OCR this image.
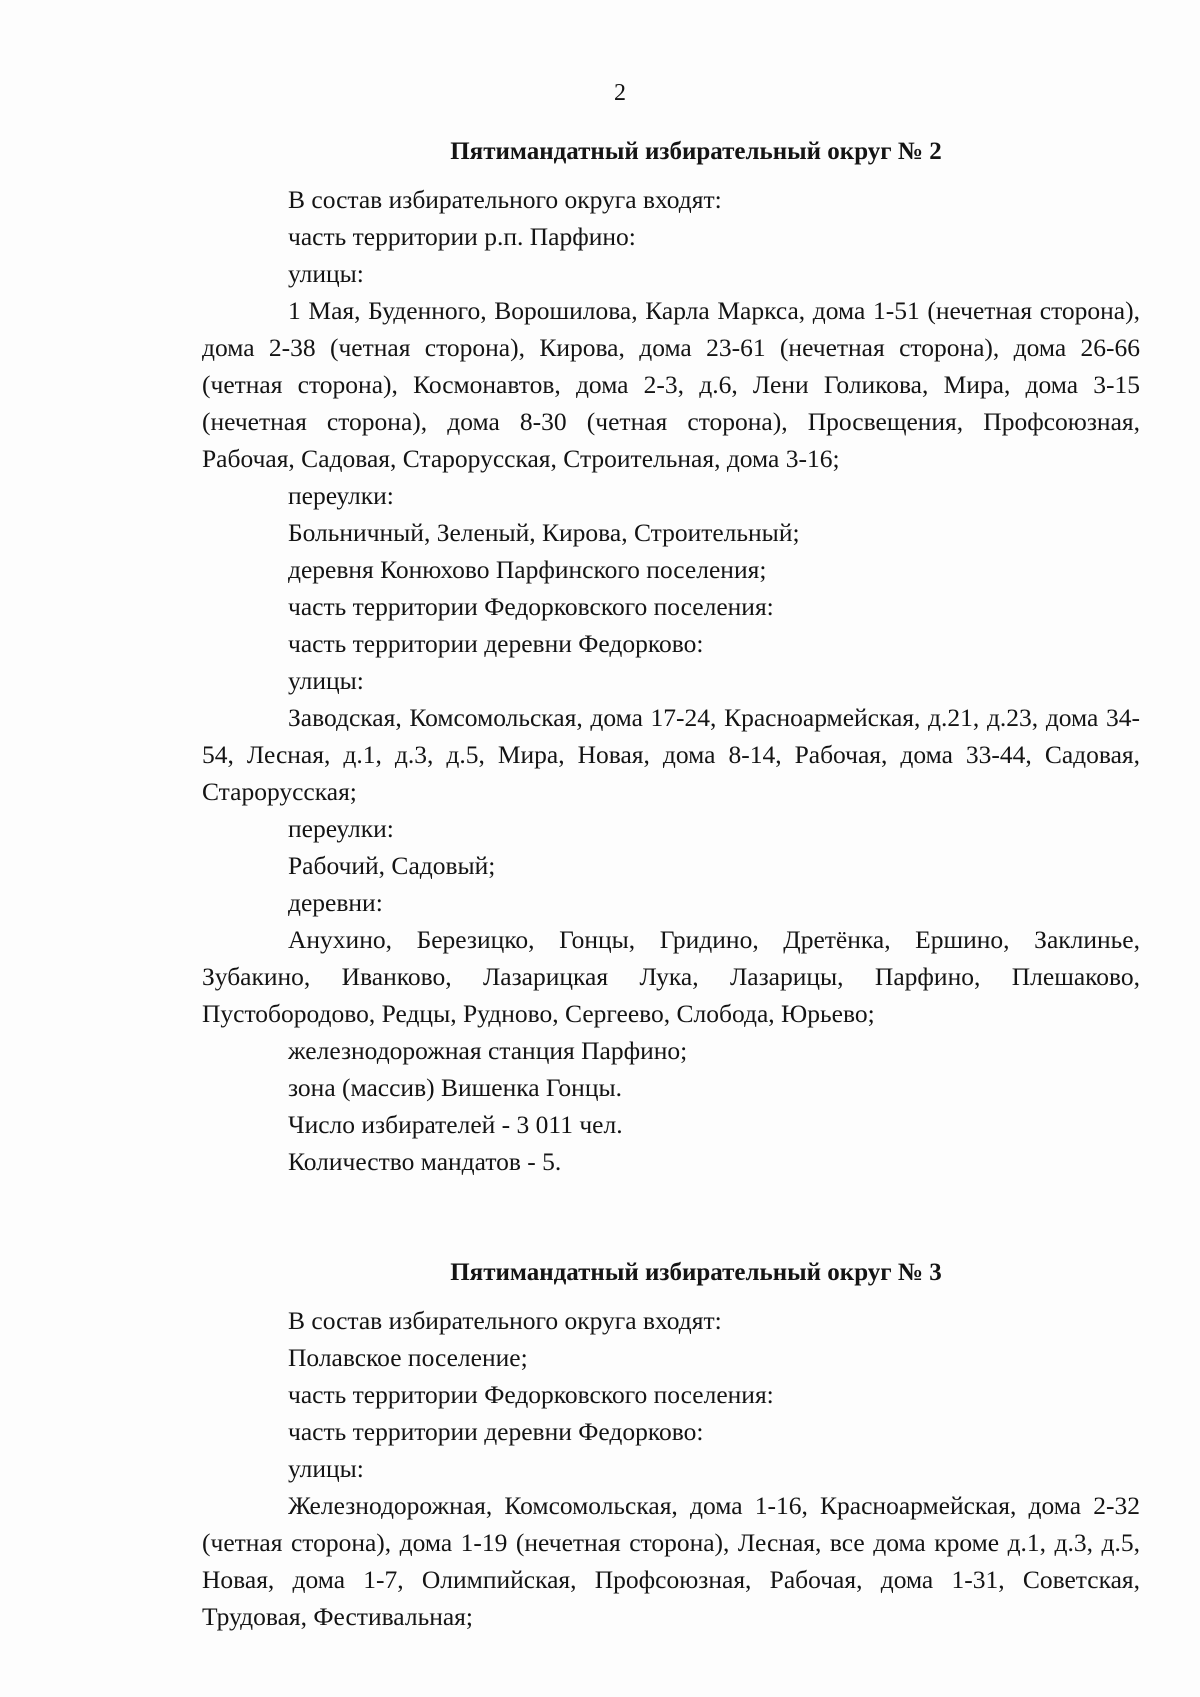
2
Пятимандатный избирательный округ № 2

В состав избирательного округа входят:

часть территории р.п. Парфино:

улицы:

1 Мая, Буденного, Ворошилова, Карла Маркса, дома 1-51 (нечетная сторона), дома 2-38 (четная сторона), Кирова, дома 23-61 (нечетная сторона), дома 26-66 (четная сторона), Космонавтов, дома 2-3, д.6, Лени Голикова, Мира, дома 3-15 (нечетная сторона), дома 8-30 (четная сторона), Просвещения, Профсоюзная, Рабочая, Садовая, Старорусская, Строительная, дома 3-16;

переулки:

Больничный, Зеленый, Кирова, Строительный;

деревня Конюхово Парфинского поселения;

часть территории Федорковского поселения:

часть территории деревни Федорково:

улицы:

Заводская, Комсомольская, дома 17-24, Красноармейская, д.21, д.23, дома 34-54, Лесная, д.1, д.3, д.5, Мира, Новая, дома 8-14, Рабочая, дома 33-44, Садовая, Старорусская;

переулки:

Рабочий, Садовый;

деревни:

Анухино, Березицко, Гонцы, Гридино, Дретёнка, Ершино, Заклинье, Зубакино, Иванково, Лазарицкая Лука, Лазарицы, Парфино, Плешаково, Пустобородово, Редцы, Рудново, Сергеево, Слобода, Юрьево;

железнодорожная станция Парфино;

зона (массив) Вишенка Гонцы.

Число избирателей - 3 011 чел.

Количество мандатов - 5.

Пятимандатный избирательный округ № 3

В состав избирательного округа входят:

Полавское поселение;

часть территории Федорковского поселения:

часть территории деревни Федорково:

улицы:

Железнодорожная, Комсомольская, дома 1-16, Красноармейская, дома 2-32 (четная сторона), дома 1-19 (нечетная сторона), Лесная, все дома кроме д.1, д.3, д.5, Новая, дома 1-7, Олимпийская, Профсоюзная, Рабочая, дома 1-31, Советская, Трудовая, Фестивальная;
